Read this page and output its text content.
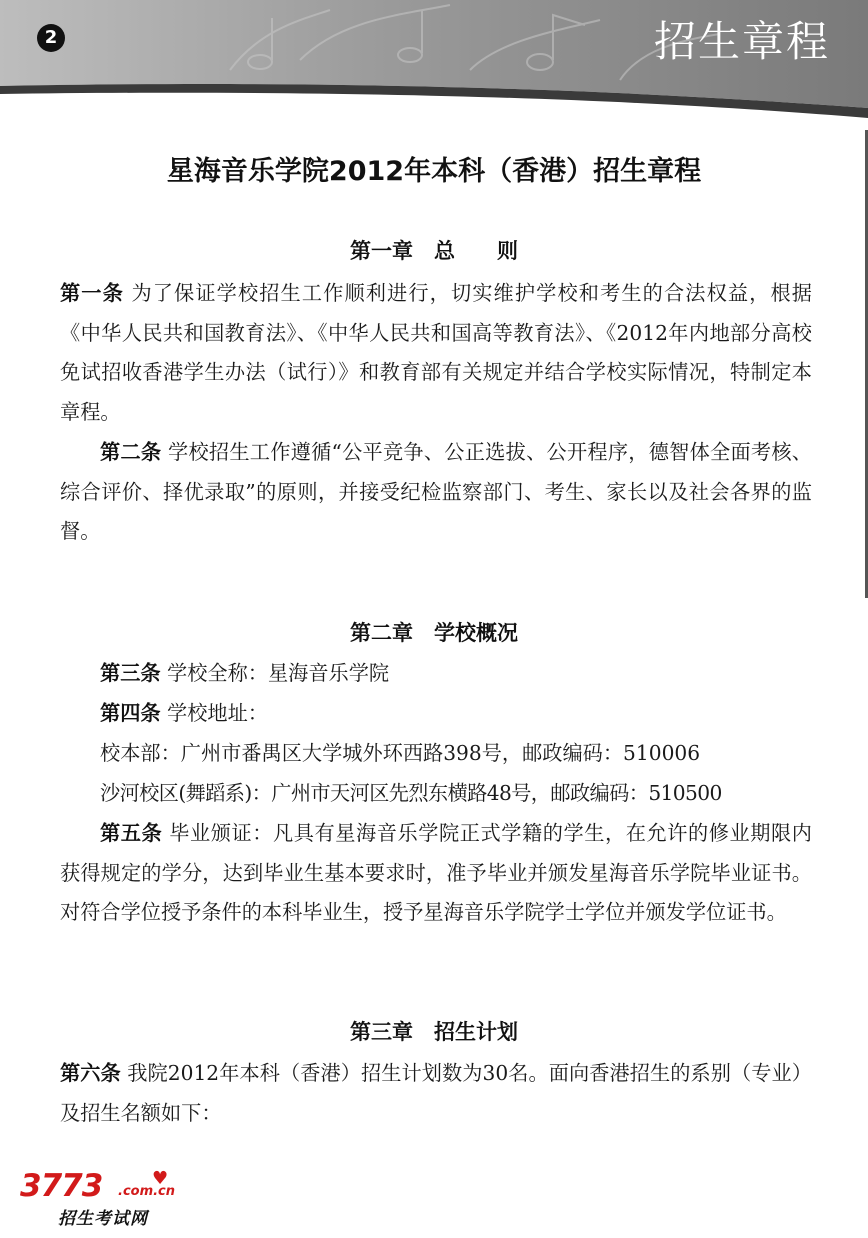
2	招生章程
星海音乐学院2012年本科（香港）招生章程
第一章　总　　则

第一条 为了保证学校招生工作顺利进行，切实维护学校和考生的合法权益，根据《中华人民共和国教育法》、《中华人民共和国高等教育法》、《2012年内地部分高校免试招收香港学生办法（试行）》和教育部有关规定并结合学校实际情况，特制定本章程。

第二条 学校招生工作遵循“公平竞争、公正选拔、公开程序，德智体全面考核、综合评价、择优录取”的原则，并接受纪检监察部门、考生、家长以及社会各界的监督。

第二章　学校概况

第三条 学校全称：星海音乐学院

第四条 学校地址：

校本部：广州市番禺区大学城外环西路398号，邮政编码：510006

沙河校区(舞蹈系)：广州市天河区先烈东横路48号，邮政编码：510500

第五条 毕业颁证：凡具有星海音乐学院正式学籍的学生，在允许的修业期限内获得规定的学分，达到毕业生基本要求时，准予毕业并颁发星海音乐学院毕业证书。对符合学位授予条件的本科毕业生，授予星海音乐学院学士学位并颁发学位证书。

第三章　招生计划

第六条 我院2012年本科（香港）招生计划数为30名。面向香港招生的系别（专业）及招生名额如下：

3773 .com.cn
♥
招生考试网
